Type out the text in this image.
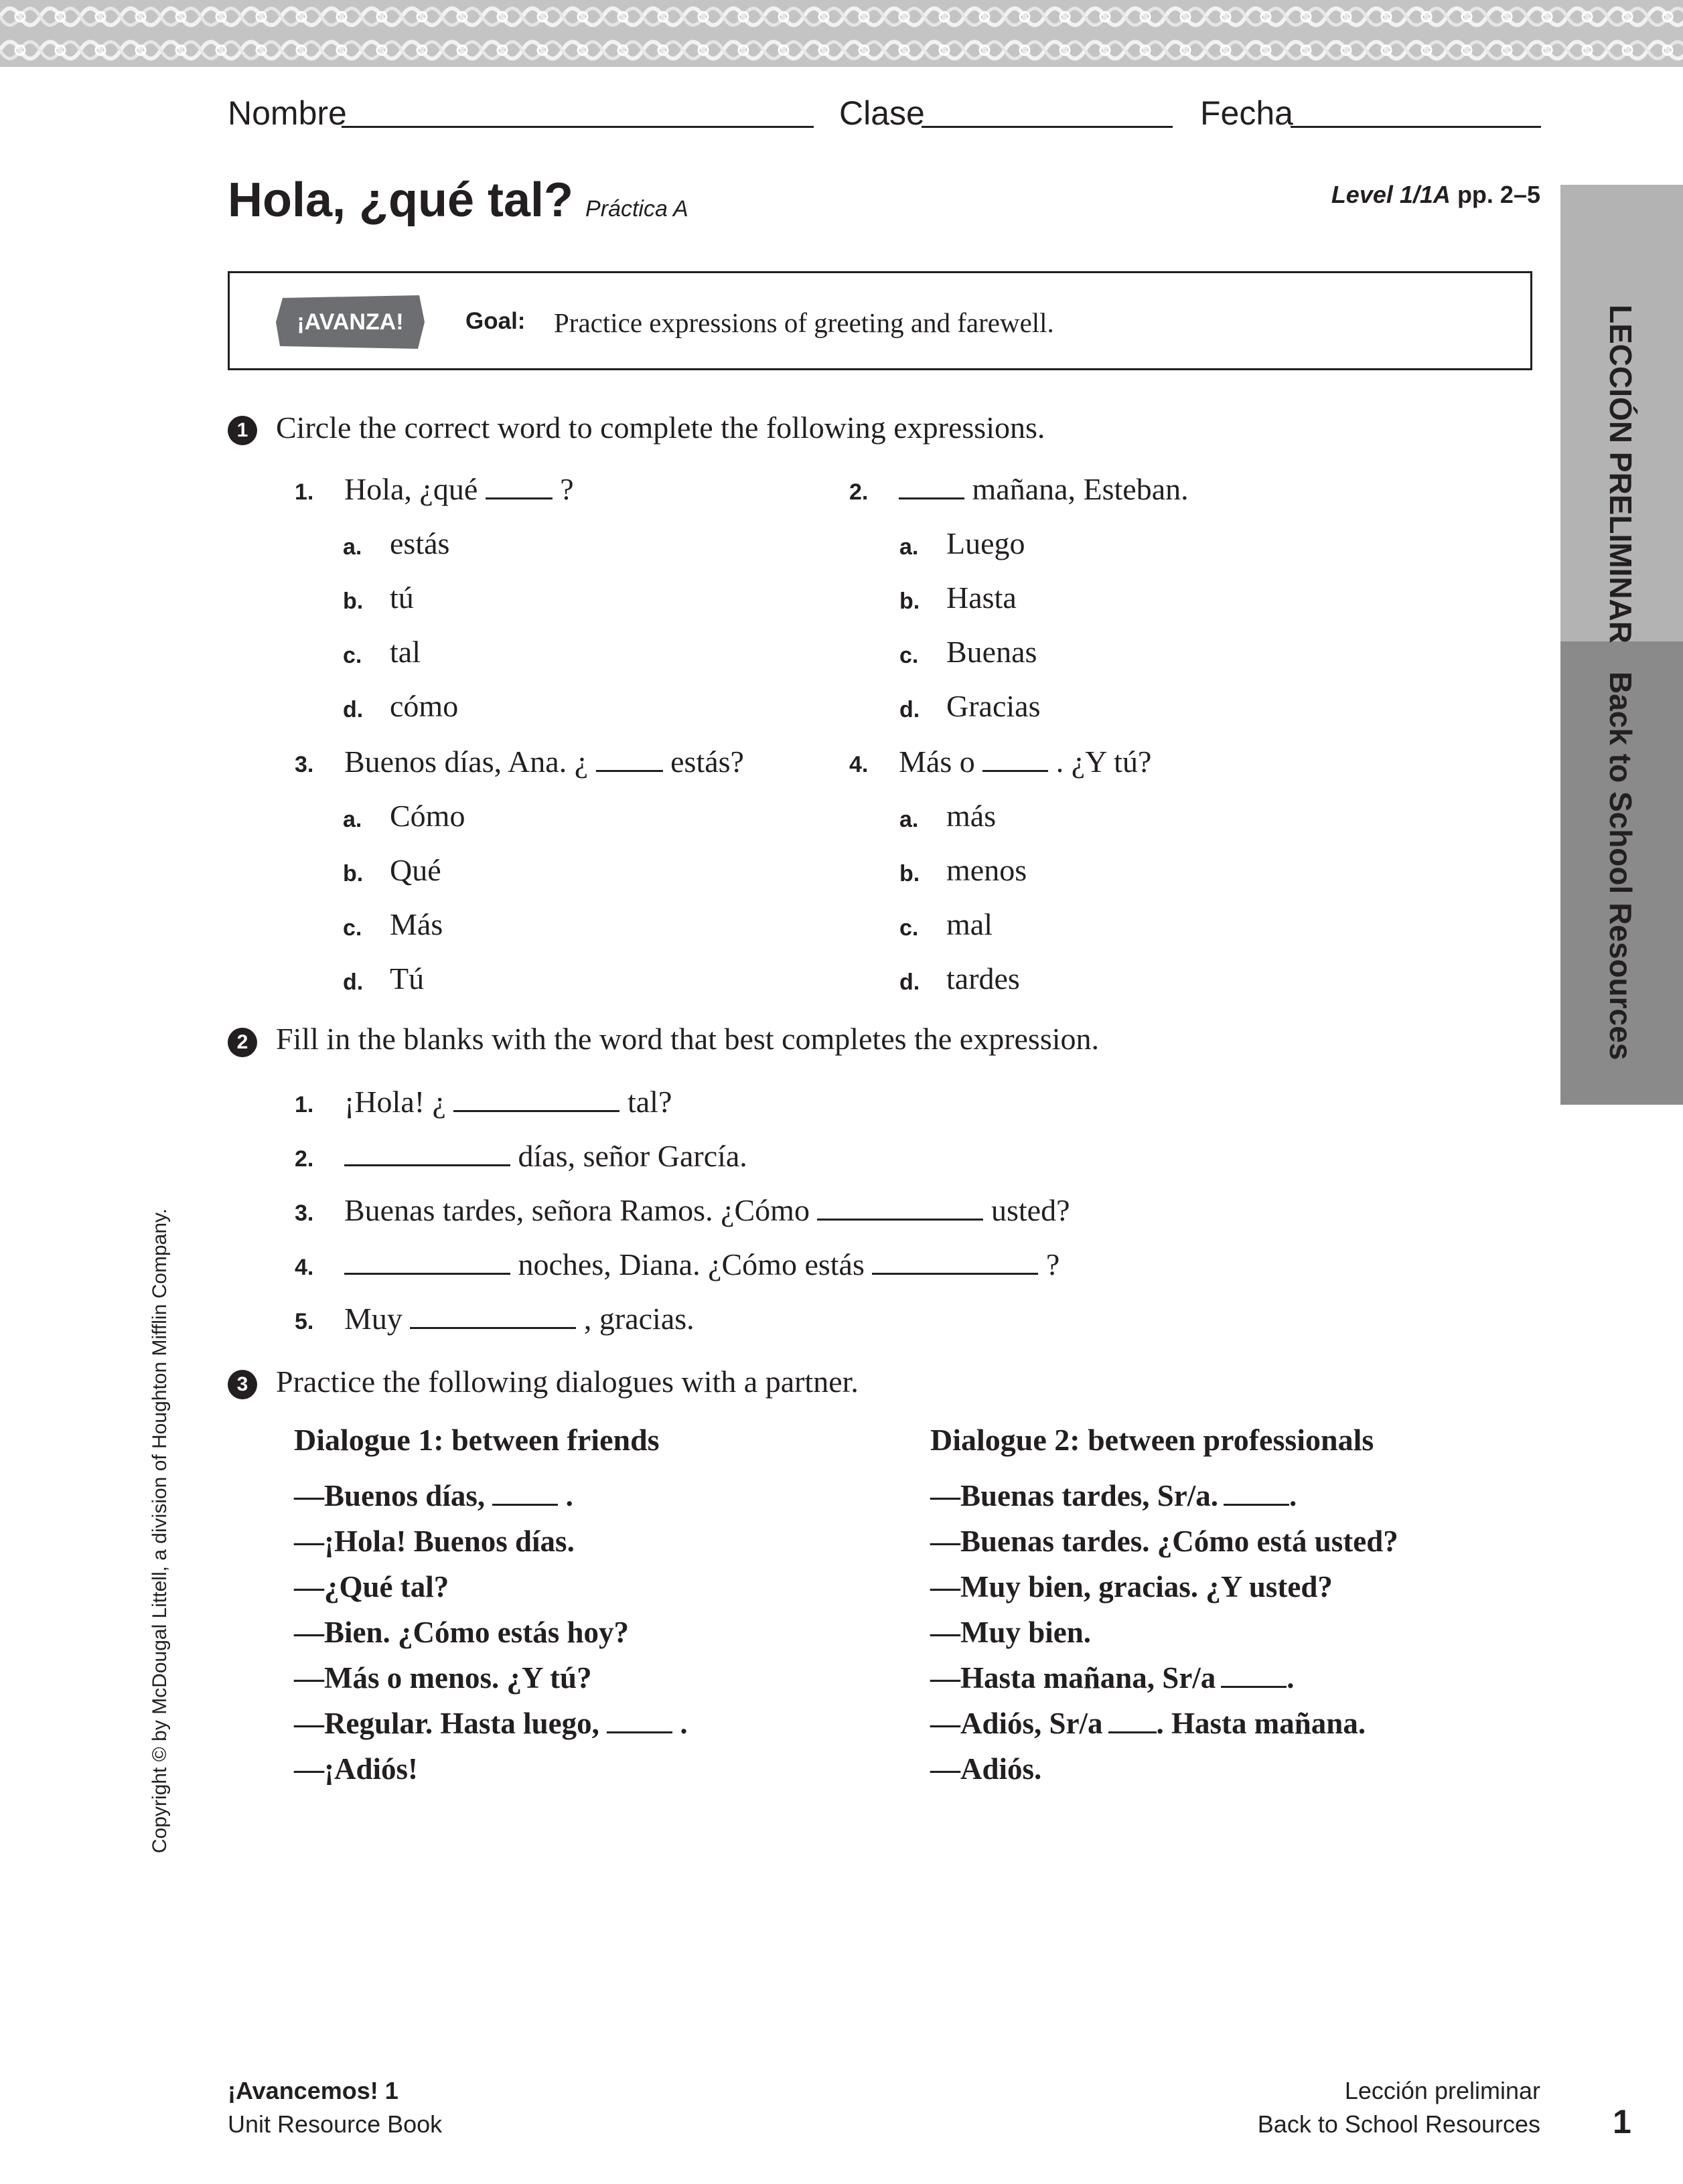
Nombre	Clase	Fecha
Hola, ¿qué tal? Práctica A
Level 1/1A pp. 2–5
¡AVANZA!	Goal: Practice expressions of greeting and farewell.
1 Circle the correct word to complete the following expressions.
1. Hola, ¿qué	?
a. estás
b. tú
c. tal
d. cómo
2.	mañana, Esteban.
a. Luego
b. Hasta
c. Buenas
d. Gracias
3. Buenos días, Ana. ¿	estás?
a. Cómo
b. Qué
c. Más
d. Tú
4. Más o	. ¿Y tú?
a. más
b. menos
c. mal
d. tardes
2 Fill in the blanks with the word that best completes the expression.
1. ¡Hola! ¿	tal?
2.	días, señor García.
3. Buenas tardes, señora Ramos. ¿Cómo	usted?
4.	noches, Diana. ¿Cómo estás	?
5. Muy	, gracias.
3 Practice the following dialogues with a partner.
Dialogue 1: between friends
—Buenos días,	.
—¡Hola! Buenos días.
—¿Qué tal?
—Bien. ¿Cómo estás hoy?
—Más o menos. ¿Y tú?
—Regular. Hasta luego,	.
—¡Adiós!
Dialogue 2: between professionals
—Buenas tardes, Sr/a. .
—Buenas tardes. ¿Cómo está usted?
—Muy bien, gracias. ¿Y usted?
—Muy bien.
—Hasta mañana, Sr/a .
—Adiós, Sr/a . Hasta mañana.
—Adiós.
LECCIÓN PRELIMINAR
Back to School Resources
Copyright © by McDougal Littell, a division of Houghton Mifflin Company.
¡Avancemos! 1
Unit Resource Book
Lección preliminar
Back to School Resources 1
